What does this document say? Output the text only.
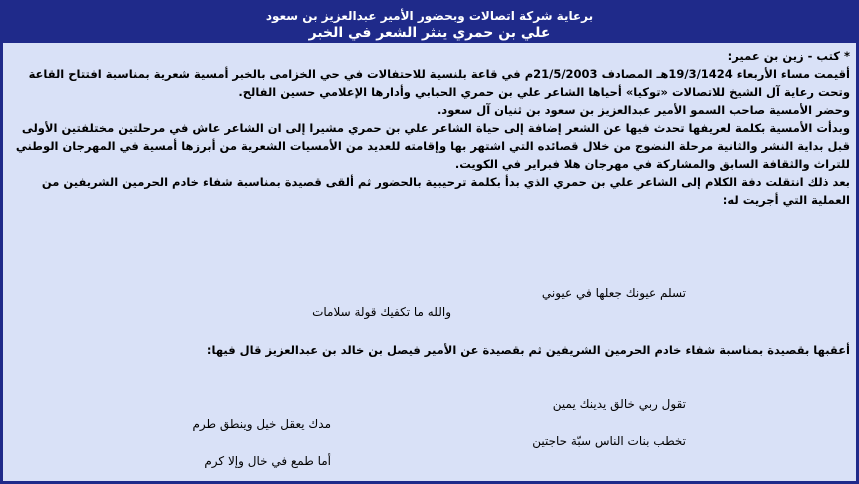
برعاية شركة اتصالات وبحضور الأمير عبدالعزيز بن سعود
علي بن حمري ينثر الشعر في الخبر

* كتب - زين بن عمير:

أقيمت مساء الأربعاء 19/3/1424هـ المصادف 21/5/2003م في قاعة بلنسية للاحتفالات في حي الخزامى بالخبر أمسية شعرية بمناسبة افتتاح القاعة وتحت رعاية آل الشيخ للاتصالات «توكيا» أحياها الشاعر علي بن حمري الحبابي وأدارها الإعلامي حسين الفالح.

وحضر الأمسية صاحب السمو الأمير عبدالعزيز بن سعود بن ثنيان آل سعود.

وبدأت الأمسية بكلمة لعريفها تحدث فيها عن الشعر إضافة إلى حياة الشاعر علي بن حمري مشيرا إلى ان الشاعر عاش في مرحلتين مختلفتين الأولى قبل بداية النشر والثانية مرحلة النضوج من خلال قصائده التي اشتهر بها وإقامته للعديد من الأمسيات الشعرية من أبرزها أمسية في المهرجان الوطني للتراث والثقافة السابق والمشاركة في مهرجان هلا فبراير في الكويت.

بعد ذلك انتقلت دفة الكلام إلى الشاعر علي بن حمري الذي بدأ بكلمة ترحيبية بالحضور ثم ألقى قصيدة بمناسبة شفاء خادم الحرمين الشريفين من العملية التي أجريت له:

تسلم عيونك جعلها في عيوني
والله ما تكفيك قولة سلامات
أعقبها بقصيدة بمناسبة شفاء خادم الحرمين الشريفين ثم بقصيدة عن الأمير فيصل بن خالد بن عبدالعزيز قال فيها:
تقول ربي خالق يدينك يمين
مدك يعقل خيل وينطق طرم
تخطب بنات الناس سبّة حاجتين
أما طمع في خال وإلا كرم
